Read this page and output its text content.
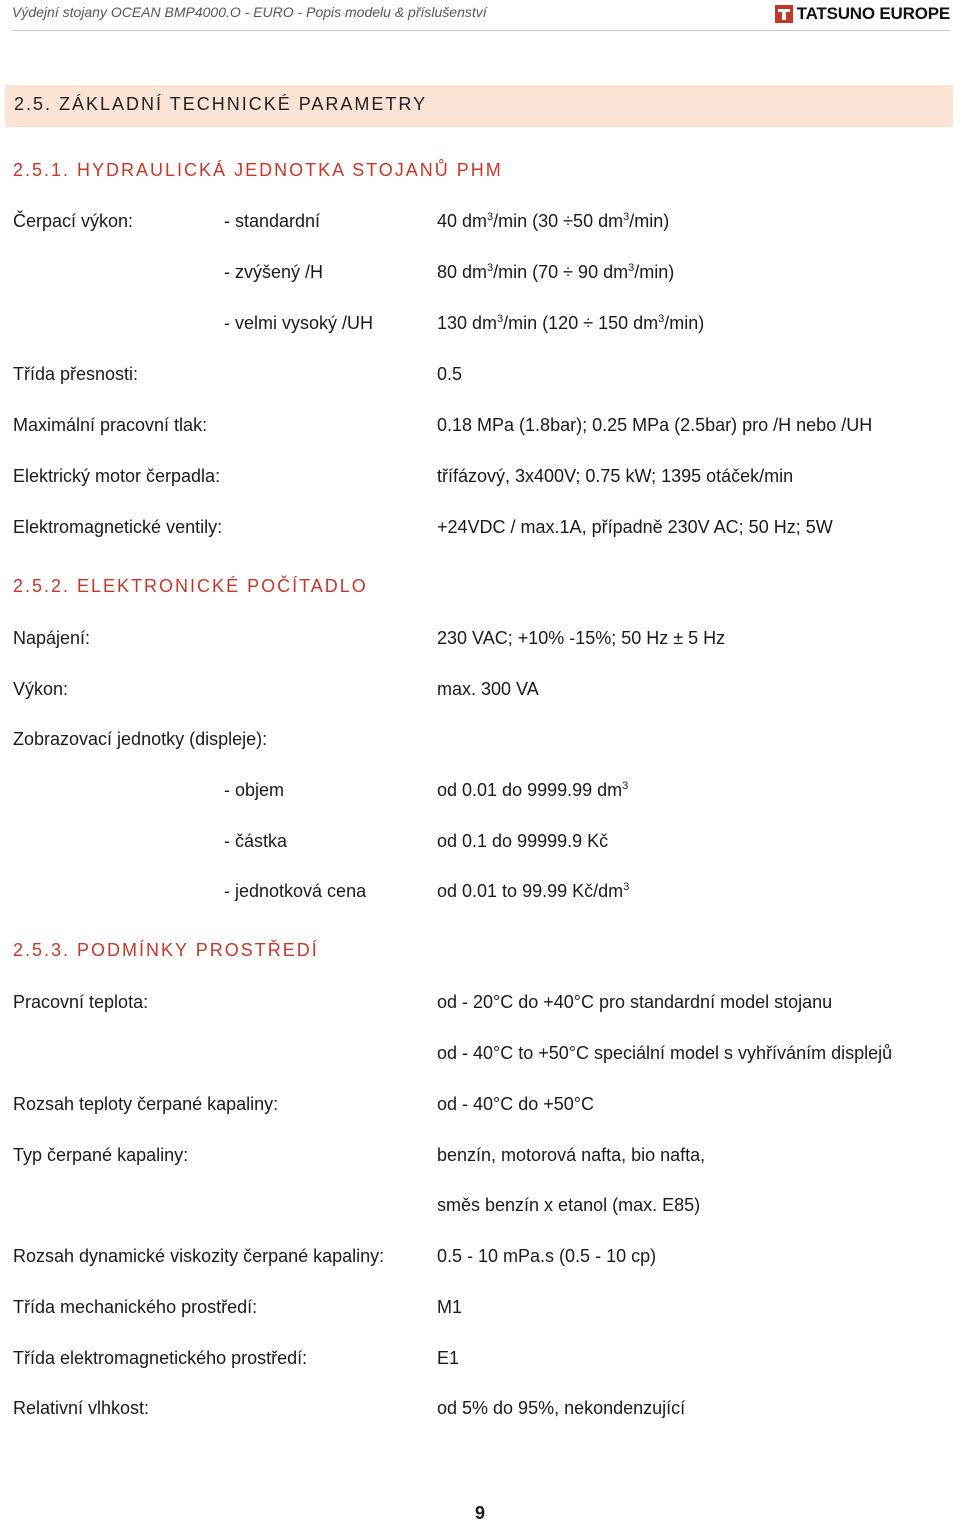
Výdejní stojany OCEAN BMP4000.O - EURO - Popis modelu & příslušenství	TATSUNO EUROPE
2.5. ZÁKLADNÍ TECHNICKÉ PARAMETRY
2.5.1. HYDRAULICKÁ JEDNOTKA STOJANŮ PHM
Čerpací výkon:	- standardní	40 $dm^3/\min$ (30 ÷50 $dm^3/\min$)
- zvýšený /H	80 $dm^3/\min$ (70 ÷ 90 $dm^3/\min$)
- velmi vysoký /UH	130 $dm^3/\min$ (120 ÷ 150 $dm^3/\min$)
Třída přesnosti:	0.5
Maximální pracovní tlak:	0.18 MPa (1.8bar); 0.25 MPa (2.5bar) pro /H nebo /UH
Elektrický motor čerpadla:	třífázový, 3x400V; 0.75 kW; 1395 otáček/min
Elektromagnetické ventily:	+24VDC / max.1A, případně 230V AC; 50 Hz; 5W
2.5.2. ELEKTRONICKÉ POČÍTADLO
Napájení:	230 VAC; +10% -15%; 50 Hz ± 5 Hz
Výkon:	max. 300 VA
Zobrazovací jednotky (displeje):
- objem	od 0.01 do 9999.99 $dm^3$
- částka	od 0.1 do 99999.9 Kč
- jednotková cena	od 0.01 to 99.99 $Kč/dm^3$
2.5.3. PODMÍNKY PROSTŘEDÍ
Pracovní teplota:	od - 20°C do +40°C pro standardní model stojanu
od - 40°C to +50°C speciální model s vyhříváním displejů
Rozsah teploty čerpané kapaliny:	od - 40°C do +50°C
Typ čerpané kapaliny:	benzín, motorová nafta, bio nafta,
směs benzín x etanol (max. E85)
Rozsah dynamické viskozity čerpané kapaliny:	0.5 - 10 mPa.s (0.5 - 10 cp)
Třída mechanického prostředí:	M1
Třída elektromagnetického prostředí:	E1
Relativní vlhkost:	od 5% do 95%, nekondenzující
9
